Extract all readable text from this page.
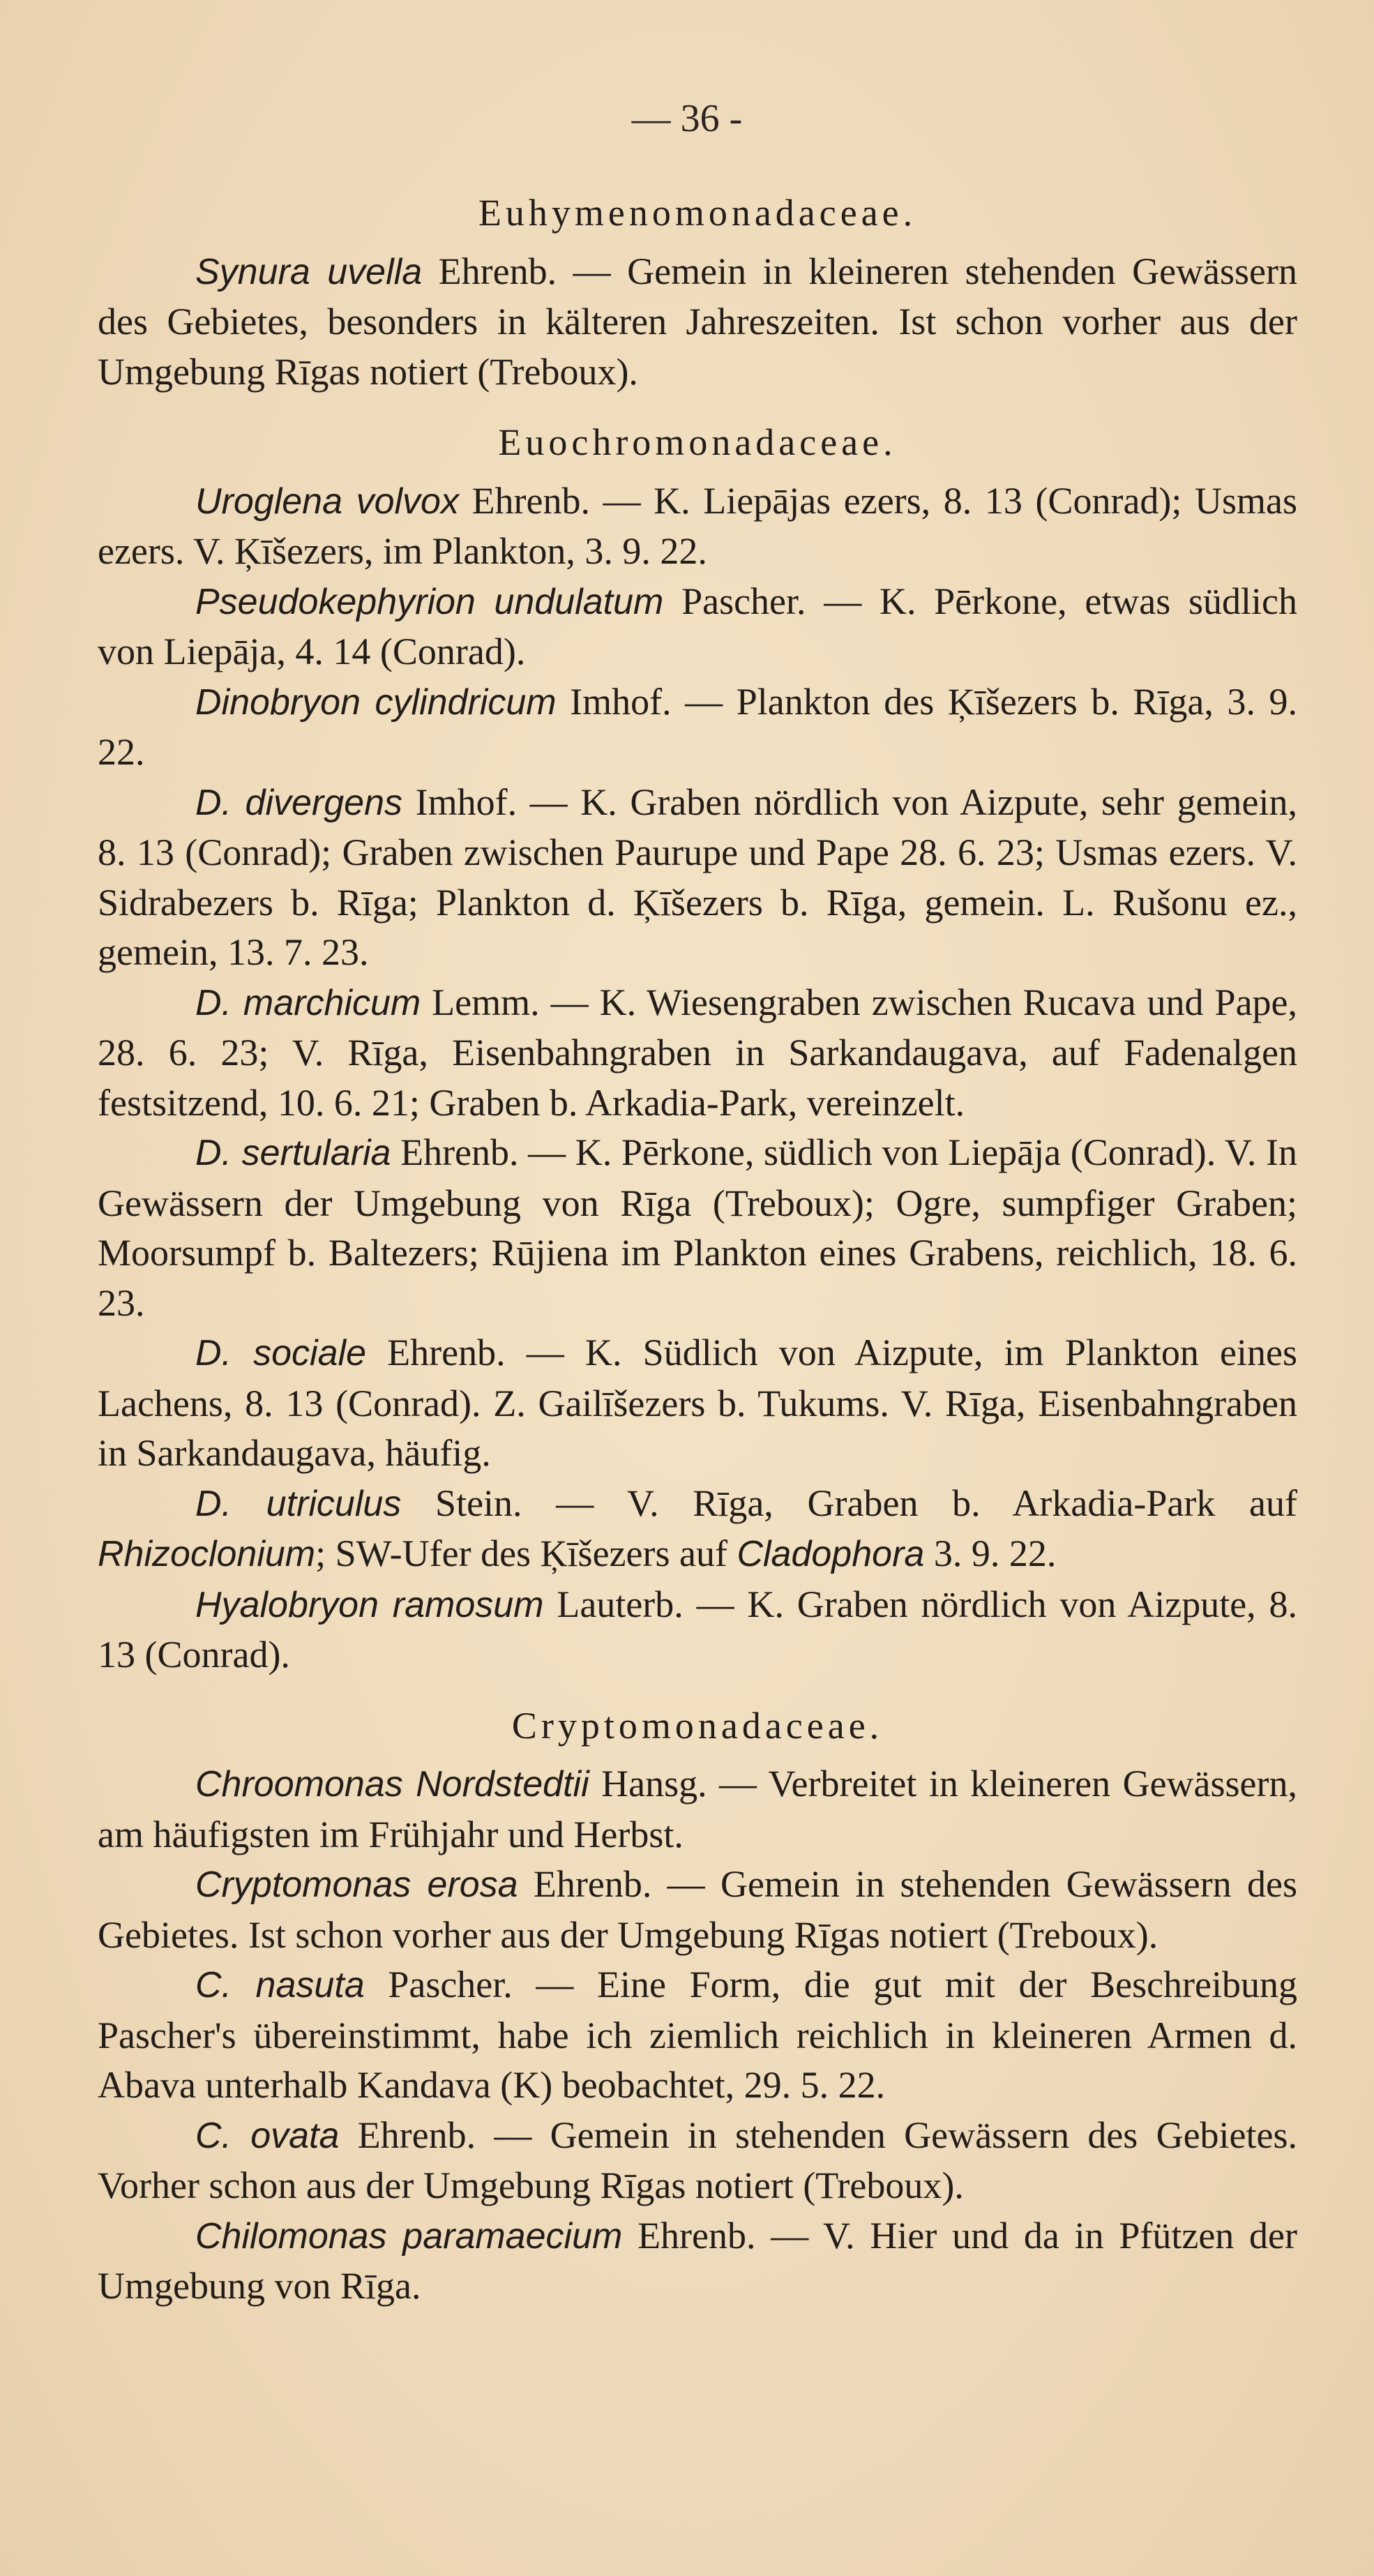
— 36 -
Euhymenomonadaceae.

Synura uvella Ehrenb. — Gemein in kleineren stehenden Gewässern des Gebietes, besonders in kälteren Jahreszeiten. Ist schon vorher aus der Umgebung Rīgas notiert (Treboux).

Euochromonadaceae.

Uroglena volvox Ehrenb. — K. Liepājas ezers, 8. 13 (Conrad); Usmas ezers. V. Ķīšezers, im Plankton, 3. 9. 22.

Pseudokephyrion undulatum Pascher. — K. Pērkone, etwas südlich von Liepāja, 4. 14 (Conrad).

Dinobryon cylindricum Imhof. — Plankton des Ķīšezers b. Rīga, 3. 9. 22.

D. divergens Imhof. — K. Graben nördlich von Aizpute, sehr gemein, 8. 13 (Conrad); Graben zwischen Paurupe und Pape 28. 6. 23; Usmas ezers. V. Sidrabezers b. Rīga; Plankton d. Ķīšezers b. Rīga, gemein. L. Rušonu ez., gemein, 13. 7. 23.

D. marchicum Lemm. — K. Wiesengraben zwischen Rucava und Pape, 28. 6. 23; V. Rīga, Eisenbahngraben in Sarkandaugava, auf Fadenalgen festsitzend, 10. 6. 21; Graben b. Arkadia-Park, vereinzelt.

D. sertularia Ehrenb. — K. Pērkone, südlich von Liepāja (Conrad). V. In Gewässern der Umgebung von Rīga (Treboux); Ogre, sumpfiger Graben; Moorsumpf b. Baltezers; Rūjiena im Plankton eines Grabens, reichlich, 18. 6. 23.

D. sociale Ehrenb. — K. Südlich von Aizpute, im Plankton eines Lachens, 8. 13 (Conrad). Z. Gailīšezers b. Tukums. V. Rīga, Eisenbahngraben in Sarkandaugava, häufig.

D. utriculus Stein. — V. Rīga, Graben b. Arkadia-Park auf Rhizoclonium; SW-Ufer des Ķīšezers auf Cladophora 3. 9. 22.

Hyalobryon ramosum Lauterb. — K. Graben nördlich von Aizpute, 8. 13 (Conrad).

Cryptomonadaceae.

Chroomonas Nordstedtii Hansg. — Verbreitet in kleineren Gewässern, am häufigsten im Frühjahr und Herbst.

Cryptomonas erosa Ehrenb. — Gemein in stehenden Gewässern des Gebietes. Ist schon vorher aus der Umgebung Rīgas notiert (Treboux).

C. nasuta Pascher. — Eine Form, die gut mit der Beschreibung Pascher's übereinstimmt, habe ich ziemlich reichlich in kleineren Armen d. Abava unterhalb Kandava (K) beobachtet, 29. 5. 22.

C. ovata Ehrenb. — Gemein in stehenden Gewässern des Gebietes. Vorher schon aus der Umgebung Rīgas notiert (Treboux).

Chilomonas paramaecium Ehrenb. — V. Hier und da in Pfützen der Umgebung von Rīga.
